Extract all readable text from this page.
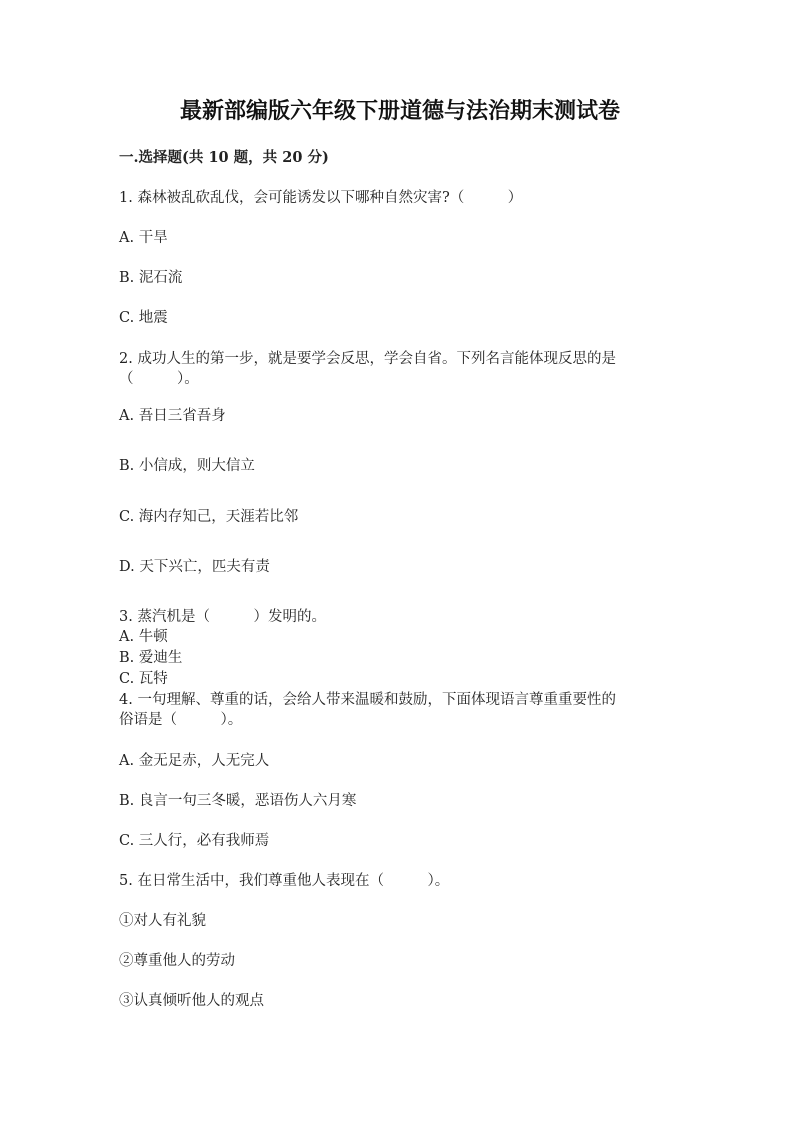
最新部编版六年级下册道德与法治期末测试卷
一.选择题(共 10 题，共 20 分)
1. 森林被乱砍乱伐，会可能诱发以下哪种自然灾害?（　　　）
A. 干旱
B. 泥石流
C. 地震
2. 成功人生的第一步，就是要学会反思，学会自省。下列名言能体现反思的是
（　　　）。
A. 吾日三省吾身
B. 小信成，则大信立
C. 海内存知己，天涯若比邻
D. 天下兴亡，匹夫有责
3. 蒸汽机是（　　　）发明的。
A. 牛顿
B. 爱迪生
C. 瓦特
4. 一句理解、尊重的话，会给人带来温暖和鼓励，下面体现语言尊重重要性的
俗语是（　　　）。
A. 金无足赤，人无完人
B. 良言一句三冬暖，恶语伤人六月寒
C. 三人行，必有我师焉
5. 在日常生活中，我们尊重他人表现在（　　　）。
①对人有礼貌
②尊重他人的劳动
③认真倾听他人的观点
